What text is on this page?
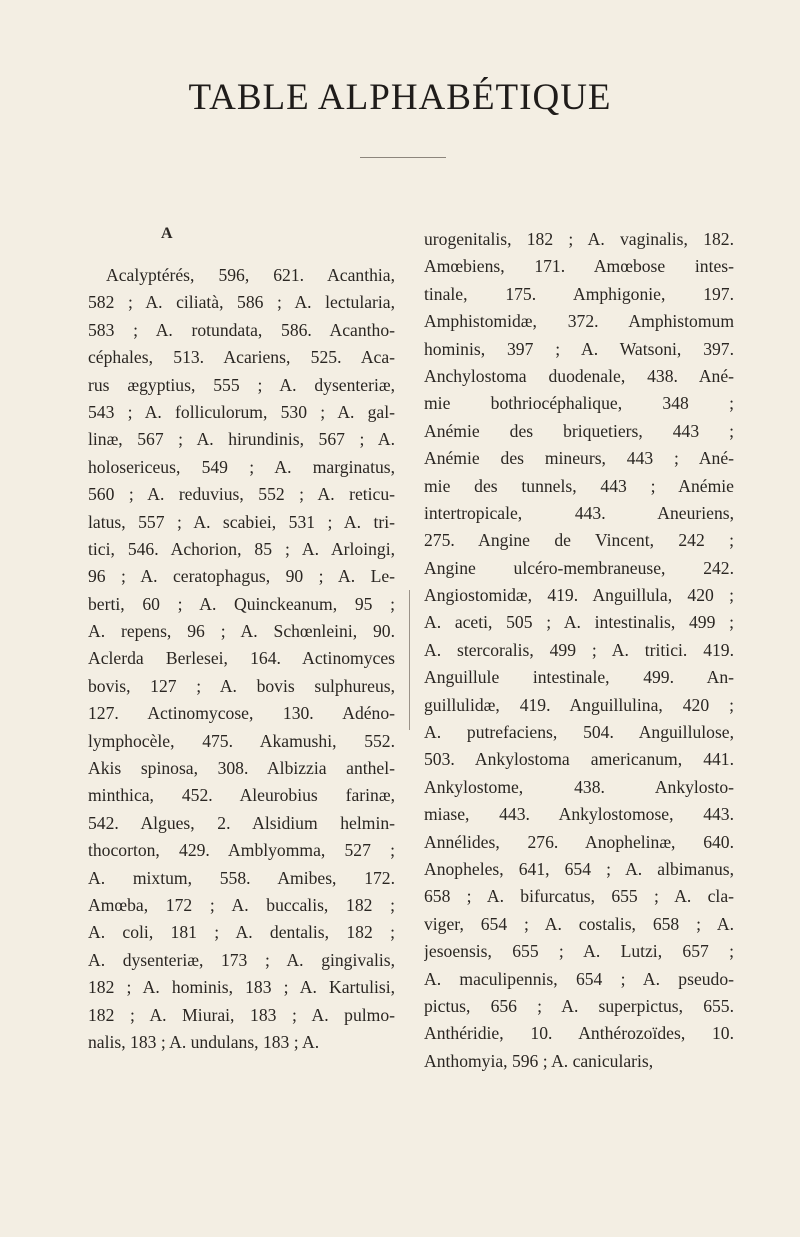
TABLE ALPHABÉTIQUE
A
Acalyptérés, 596, 621. Acanthia,
582 ; A. ciliatà, 586 ; A. lectularia,
583 ; A. rotundata, 586. Acantho-
céphales, 513. Acariens, 525. Aca-
rus ægyptius, 555 ; A. dysenteriæ,
543 ; A. folliculorum, 530 ; A. gal-
linæ, 567 ; A. hirundinis, 567 ; A.
holosericeus, 549 ; A. marginatus,
560 ; A. reduvius, 552 ; A. reticu-
latus, 557 ; A. scabiei, 531 ; A. tri-
tici, 546. Achorion, 85 ; A. Arloingi,
96 ; A. ceratophagus, 90 ; A. Le-
berti, 60 ; A. Quinckeanum, 95 ;
A. repens, 96 ; A. Schœnleini, 90.
Aclerda Berlesei, 164. Actinomyces
bovis, 127 ; A. bovis sulphureus,
127. Actinomycose, 130. Adéno-
lymphocèle, 475. Akamushi, 552.
Akis spinosa, 308. Albizzia anthel-
minthica, 452. Aleurobius farinæ,
542. Algues, 2. Alsidium helmin-
thocorton, 429. Amblyomma, 527 ;
A. mixtum, 558. Amibes, 172.
Amœba, 172 ; A. buccalis, 182 ;
A. coli, 181 ; A. dentalis, 182 ;
A. dysenteriæ, 173 ; A. gingivalis,
182 ; A. hominis, 183 ; A. Kartulisi,
182 ; A. Miurai, 183 ; A. pulmo-
nalis, 183 ; A. undulans, 183 ; A.
urogenitalis, 182 ; A. vaginalis, 182.
Amœbiens, 171. Amœbose intes-
tinale, 175. Amphigonie, 197.
Amphistomidæ, 372. Amphistomum
hominis, 397 ; A. Watsoni, 397.
Anchylostoma duodenale, 438. Ané-
mie bothriocéphalique, 348 ;
Anémie des briquetiers, 443 ;
Anémie des mineurs, 443 ; Ané-
mie des tunnels, 443 ; Anémie
intertropicale, 443. Aneuriens,
275. Angine de Vincent, 242 ;
Angine ulcéro-membraneuse, 242.
Angiostomidæ, 419. Anguillula, 420 ;
A. aceti, 505 ; A. intestinalis, 499 ;
A. stercoralis, 499 ; A. tritici. 419.
Anguillule intestinale, 499. An-
guillulidæ, 419. Anguillulina, 420 ;
A. putrefaciens, 504. Anguillulose,
503. Ankylostoma americanum, 441.
Ankylostome, 438. Ankylosto-
miase, 443. Ankylostomose, 443.
Annélides, 276. Anophelinæ, 640.
Anopheles, 641, 654 ; A. albimanus,
658 ; A. bifurcatus, 655 ; A. cla-
viger, 654 ; A. costalis, 658 ; A.
jesoensis, 655 ; A. Lutzi, 657 ;
A. maculipennis, 654 ; A. pseudo-
pictus, 656 ; A. superpictus, 655.
Anthéridie, 10. Anthérozoïdes, 10.
Anthomyia, 596 ; A. canicularis,
